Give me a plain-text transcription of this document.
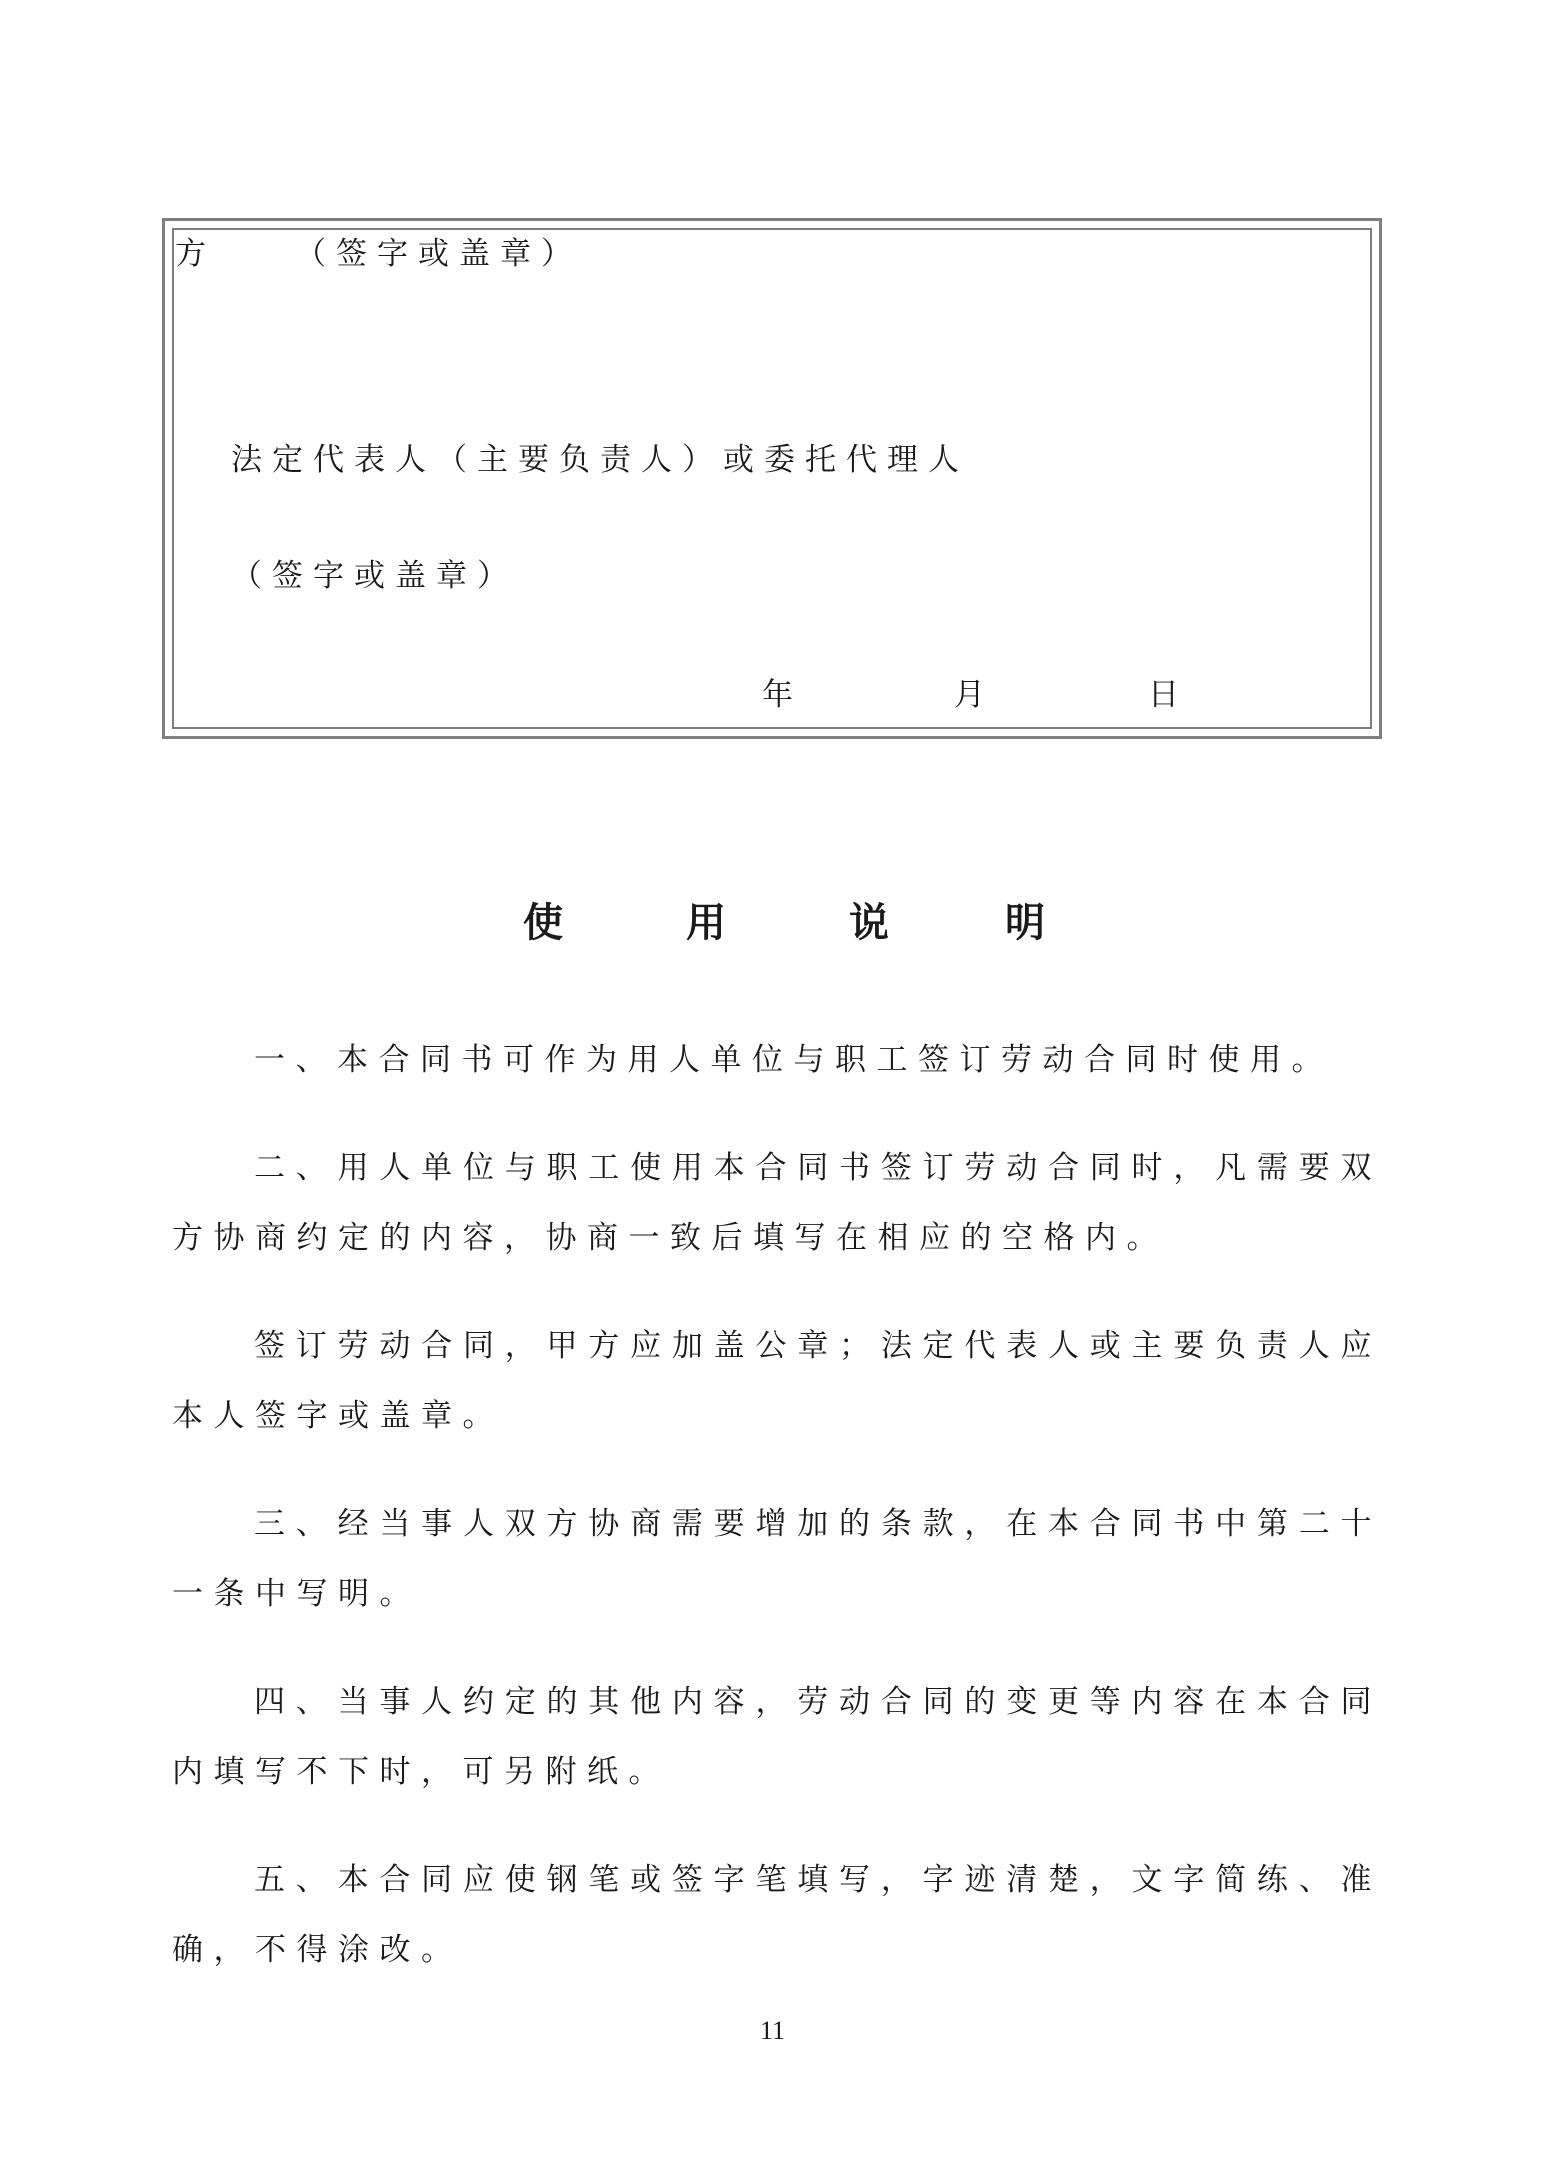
方	（签字或盖章）
法定代表人（主要负责人）或委托代理人
（签字或盖章）
年	月	日
使	用	说	明

一、本合同书可作为用人单位与职工签订劳动合同时使用。

二、用人单位与职工使用本合同书签订劳动合同时，凡需要双方协商约定的内容，协商一致后填写在相应的空格内。

签订劳动合同，甲方应加盖公章；法定代表人或主要负责人应本人签字或盖章。

三、经当事人双方协商需要增加的条款，在本合同书中第二十一条中写明。

四、当事人约定的其他内容，劳动合同的变更等内容在本合同内填写不下时，可另附纸。

五、本合同应使钢笔或签字笔填写，字迹清楚，文字简练、准确，不得涂改。

11
